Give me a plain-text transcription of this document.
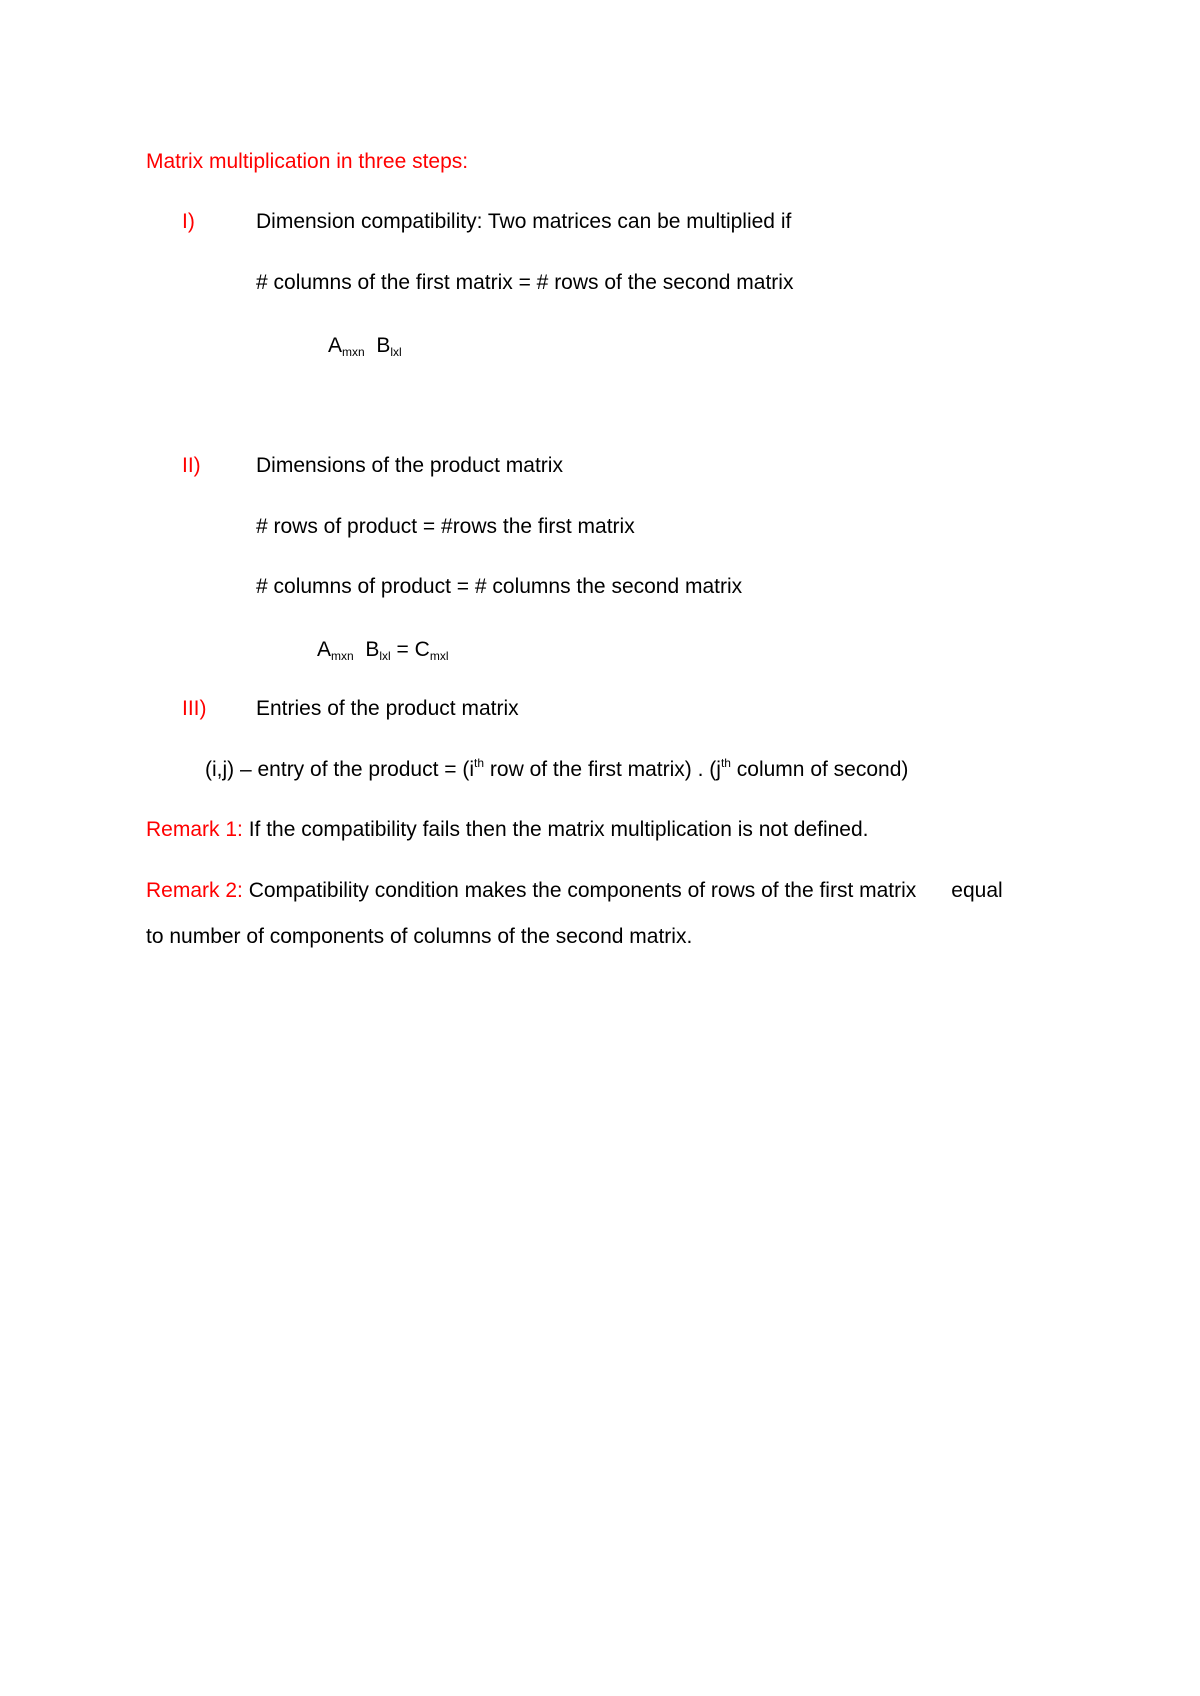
Matrix multiplication in three steps:
I)	Dimension compatibility: Two matrices can be multiplied if
# columns of the first matrix = # rows of the second matrix
Amxn Blxl
II)	Dimensions of the product matrix
# rows of product = #rows the first matrix
# columns of product = # columns the second matrix
Amxn Blxl = Cmxl
III) Entries of the product matrix
(i,j) – entry of the product = ($i^{th}$ row of the first matrix) . ($j^{th}$ column of second)
Remark 1: If the compatibility fails then the matrix multiplication is not defined.
Remark 2: Compatibility condition makes the components of rows of the first matrix      equal
to number of components of columns of the second matrix.
